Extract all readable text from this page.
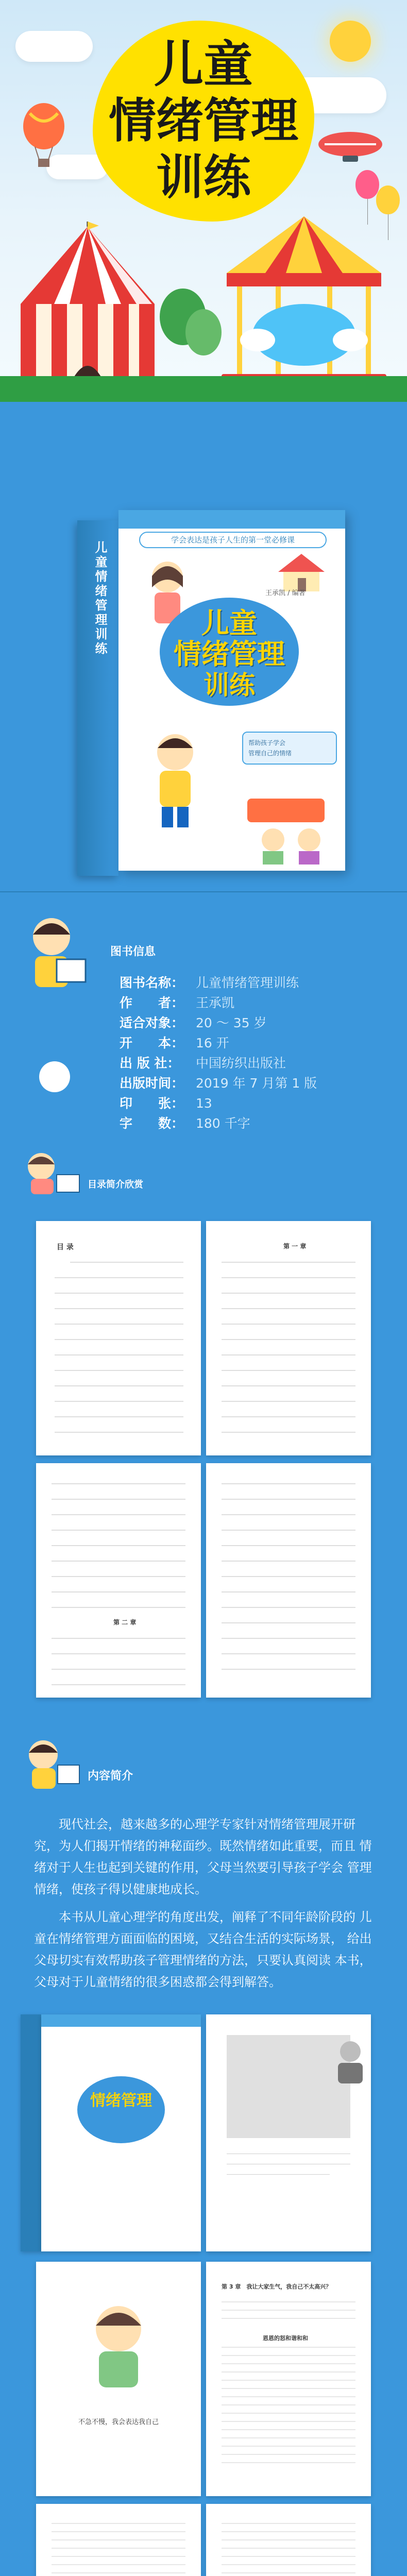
儿童
情绪管理
训练
儿童情绪管理训练
学会表达是孩子人生的第一堂必修课
王承凯 / 编著
儿童
情绪管理
训练
帮助孩子学会
管理自己的情绪
图书信息
图书名称： 儿童情绪管理训练
作　　者： 王承凯
适合对象： 20 ～ 35 岁
开　　本： 16 开
出 版 社： 中国纺织出版社
出版时间： 2019 年 7 月第 1 版
印　　张： 13
字　　数： 180 千字
目录简介欣赏
目 录	第 一 章
第 二 章
内容简介
现代社会，越来越多的心理学专家针对情绪管理展开研 究，为人们揭开情绪的神秘面纱。既然情绪如此重要，而且 情绪对于人生也起到关键的作用，父母当然要引导孩子学会 管理情绪，使孩子得以健康地成长。
本书从儿童心理学的角度出发，阐释了不同年龄阶段的 儿童在情绪管理方面面临的困境，又结合生活的实际场景， 给出父母切实有效帮助孩子管理情绪的方法，只要认真阅读 本书，父母对于儿童情绪的很多困惑都会得到解答。
情绪管理
不急不慢，我会表达我自己
第 3 章　我让大家生气，我自己不太高兴？
恩恩的怒和谐和和
